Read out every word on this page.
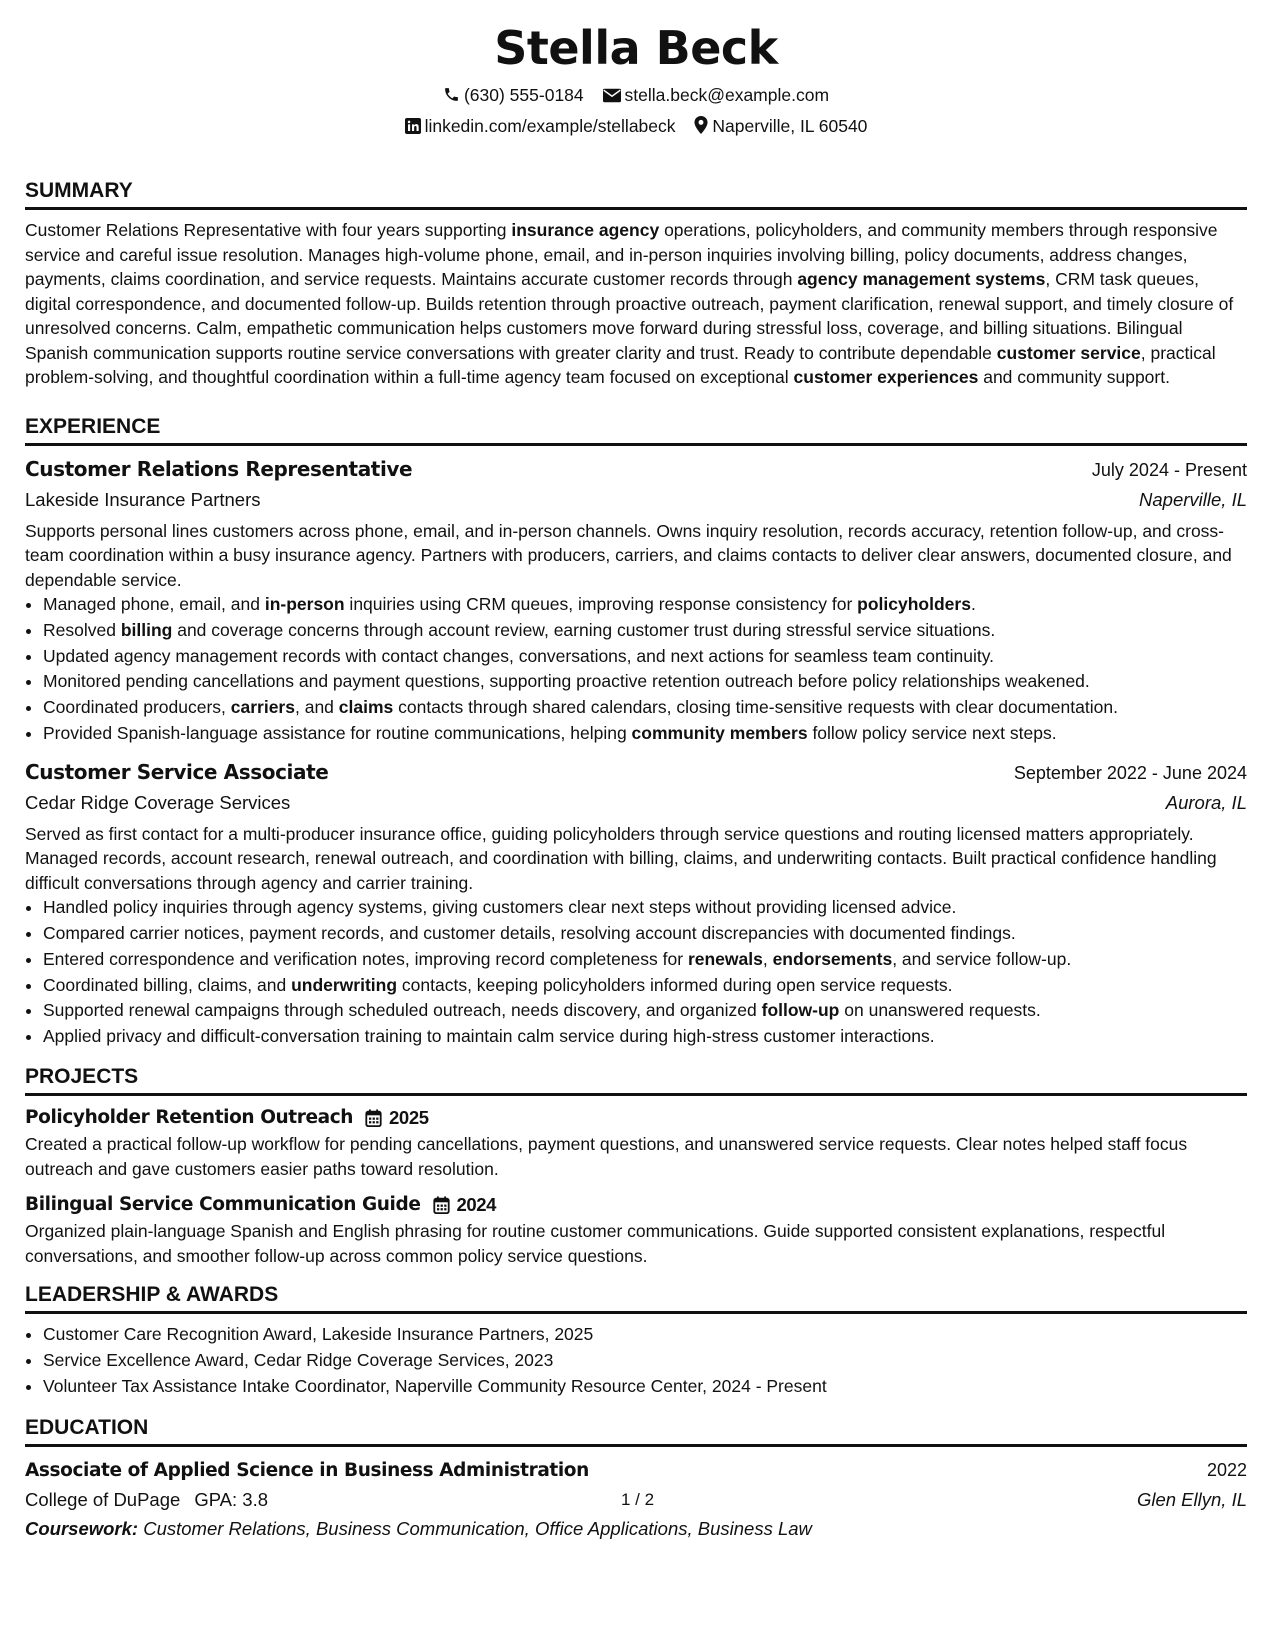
Stella Beck
(630) 555-0184 stella.beck@example.com
linkedin.com/example/stellabeck Naperville, IL 60540
SUMMARY

Customer Relations Representative with four years supporting insurance agency operations, policyholders, and community members through responsive service and careful issue resolution. Manages high-volume phone, email, and in-person inquiries involving billing, policy documents, address changes, payments, claims coordination, and service requests. Maintains accurate customer records through agency management systems, CRM task queues, digital correspondence, and documented follow-up. Builds retention through proactive outreach, payment clarification, renewal support, and timely closure of unresolved concerns. Calm, empathetic communication helps customers move forward during stressful loss, coverage, and billing situations. Bilingual Spanish communication supports routine service conversations with greater clarity and trust. Ready to contribute dependable customer service, practical problem-solving, and thoughtful coordination within a full-time agency team focused on exceptional customer experiences and community support.

EXPERIENCE
Customer Relations Representative	July 2024 - Present
Lakeside Insurance Partners	Naperville, IL

Supports personal lines customers across phone, email, and in-person channels. Owns inquiry resolution, records accuracy, retention follow-up, and cross-team coordination within a busy insurance agency. Partners with producers, carriers, and claims contacts to deliver clear answers, documented closure, and dependable service.

• Managed phone, email, and in-person inquiries using CRM queues, improving response consistency for policyholders.
• Resolved billing and coverage concerns through account review, earning customer trust during stressful service situations.
• Updated agency management records with contact changes, conversations, and next actions for seamless team continuity.
• Monitored pending cancellations and payment questions, supporting proactive retention outreach before policy relationships weakened.
• Coordinated producers, carriers, and claims contacts through shared calendars, closing time-sensitive requests with clear documentation.
• Provided Spanish-language assistance for routine communications, helping community members follow policy service next steps.
Customer Service Associate	September 2022 - June 2024
Cedar Ridge Coverage Services	Aurora, IL

Served as first contact for a multi-producer insurance office, guiding policyholders through service questions and routing licensed matters appropriately. Managed records, account research, renewal outreach, and coordination with billing, claims, and underwriting contacts. Built practical confidence handling difficult conversations through agency and carrier training.

• Handled policy inquiries through agency systems, giving customers clear next steps without providing licensed advice.
• Compared carrier notices, payment records, and customer details, resolving account discrepancies with documented findings.
• Entered correspondence and verification notes, improving record completeness for renewals, endorsements, and service follow-up.
• Coordinated billing, claims, and underwriting contacts, keeping policyholders informed during open service requests.
• Supported renewal campaigns through scheduled outreach, needs discovery, and organized follow-up on unanswered requests.
• Applied privacy and difficult-conversation training to maintain calm service during high-stress customer interactions.
PROJECTS
Policyholder Retention Outreach 2025

Created a practical follow-up workflow for pending cancellations, payment questions, and unanswered service requests. Clear notes helped staff focus outreach and gave customers easier paths toward resolution.

Bilingual Service Communication Guide 2024

Organized plain-language Spanish and English phrasing for routine customer communications. Guide supported consistent explanations, respectful conversations, and smoother follow-up across common policy service questions.

LEADERSHIP & AWARDS
• Customer Care Recognition Award, Lakeside Insurance Partners, 2025
• Service Excellence Award, Cedar Ridge Coverage Services, 2023
• Volunteer Tax Assistance Intake Coordinator, Naperville Community Resource Center, 2024 - Present
EDUCATION
Associate of Applied Science in Business Administration	2022
College of DuPage GPA: 3.8	Glen Ellyn, IL
Coursework: Customer Relations, Business Communication, Office Applications, Business Law
1 / 2
